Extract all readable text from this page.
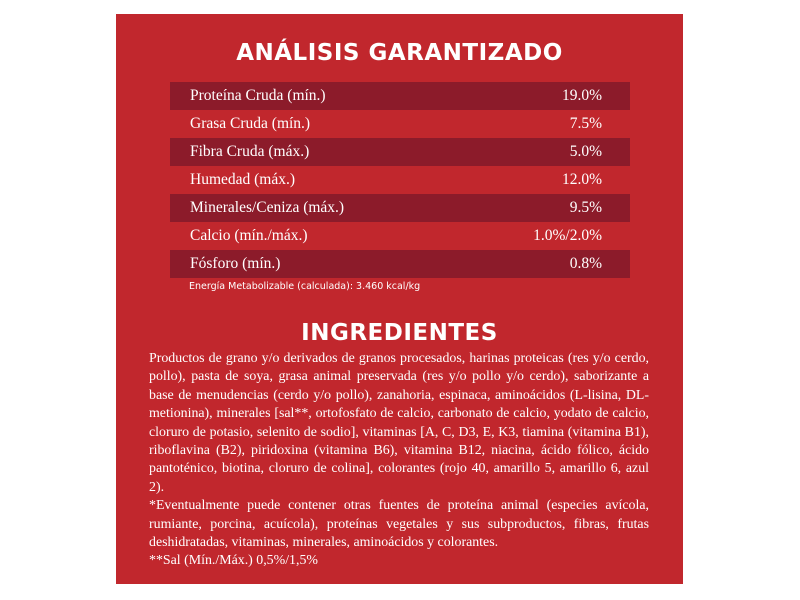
ANÁLISIS GARANTIZADO
Proteína Cruda (mín.)	19.0%
Grasa Cruda (mín.)	7.5%
Fibra Cruda (máx.)	5.0%
Humedad (máx.)	12.0%
Minerales/Ceniza (máx.)	9.5%
Calcio (mín./máx.)	1.0%/2.0%
Fósforo (mín.)	0.8%
Energía Metabolizable (calculada): 3.460 kcal/kg
INGREDIENTES
Productos de grano y/o derivados de granos procesados, harinas proteicas (res y/o cerdo, pollo), pasta de soya, grasa animal preservada (res y/o pollo y/o cerdo), saborizante a base de menudencias (cerdo y/o pollo), zanahoria, espinaca, aminoácidos (L-lisina, DL-metionina), minerales [sal**, ortofosfato de calcio, carbonato de calcio, yodato de calcio, cloruro de potasio, selenito de sodio], vitaminas [A, C, D3, E, K3, tiamina (vitamina B1), riboflavina (B2), piridoxina (vitamina B6), vitamina B12, niacina, ácido fólico, ácido pantoténico, biotina, cloruro de colina], colorantes (rojo 40, amarillo 5, amarillo 6, azul 2).
*Eventualmente puede contener otras fuentes de proteína animal (especies avícola, rumiante, porcina, acuícola), proteínas vegetales y sus subproductos, fibras, frutas deshidratadas, vitaminas, minerales, aminoácidos y colorantes.
**Sal (Mín./Máx.) 0,5%/1,5%
